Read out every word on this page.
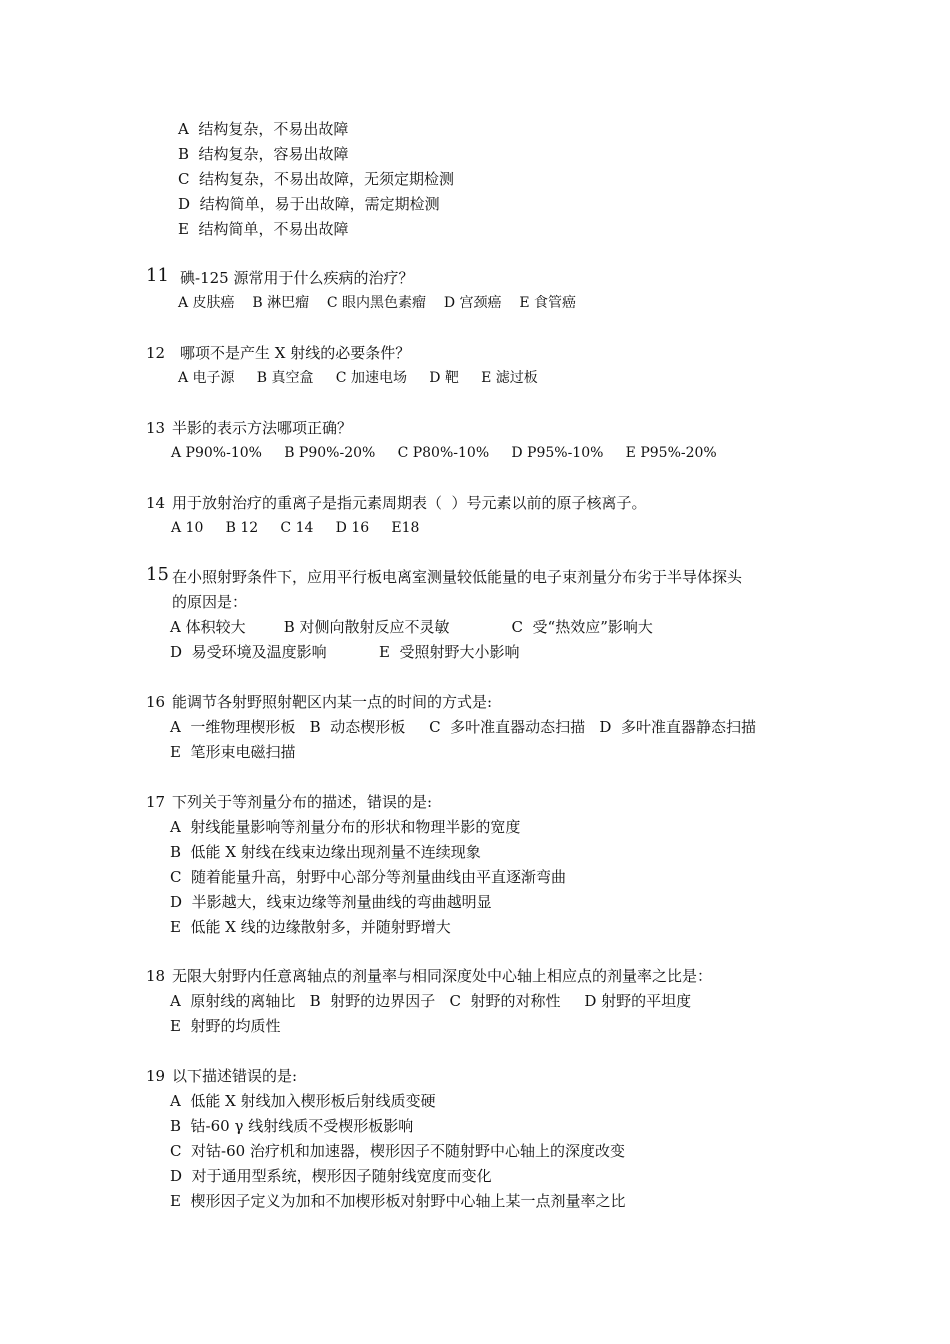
A  结构复杂，不易出故障
B  结构复杂，容易出故障
C  结构复杂，不易出故障，无须定期检测
D  结构简单，易于出故障，需定期检测
E  结构简单，不易出故障
11 碘-125 源常用于什么疾病的治疗？
A 皮肤癌    B 淋巴瘤    C 眼内黑色素瘤    D 宫颈癌    E 食管癌
12 哪项不是产生 X 射线的必要条件？
A 电子源     B 真空盒     C 加速电场     D 靶     E 滤过板
13 半影的表示方法哪项正确？
A P90%-10%     B P90%-20%     C P80%-10%     D P95%-10%     E P95%-20%
14 用于放射治疗的重离子是指元素周期表（  ）号元素以前的原子核离子。
A 10     B 12     C 14     D 16     E18
15 在小照射野条件下，应用平行板电离室测量较低能量的电子束剂量分布劣于半导体探头
的原因是：
A 体积较大        B 对侧向散射反应不灵敏             C  受“热效应”影响大
D  易受环境及温度影响           E  受照射野大小影响
16 能调节各射野照射靶区内某一点的时间的方式是:
A  一维物理楔形板   B  动态楔形板     C  多叶准直器动态扫描   D  多叶准直器静态扫描
E  笔形束电磁扫描
17 下列关于等剂量分布的描述，错误的是:
A  射线能量影响等剂量分布的形状和物理半影的宽度
B  低能 X 射线在线束边缘出现剂量不连续现象
C  随着能量升高，射野中心部分等剂量曲线由平直逐渐弯曲
D  半影越大，线束边缘等剂量曲线的弯曲越明显
E  低能 X 线的边缘散射多，并随射野增大
18 无限大射野内任意离轴点的剂量率与相同深度处中心轴上相应点的剂量率之比是：
A  原射线的离轴比   B  射野的边界因子   C  射野的对称性     D 射野的平坦度
E  射野的均质性
19 以下描述错误的是:
A  低能 X 射线加入楔形板后射线质变硬
B  钴-60 γ 线射线质不受楔形板影响
C  对钴-60 治疗机和加速器，楔形因子不随射野中心轴上的深度改变
D  对于通用型系统，楔形因子随射线宽度而变化
E  楔形因子定义为加和不加楔形板对射野中心轴上某一点剂量率之比
